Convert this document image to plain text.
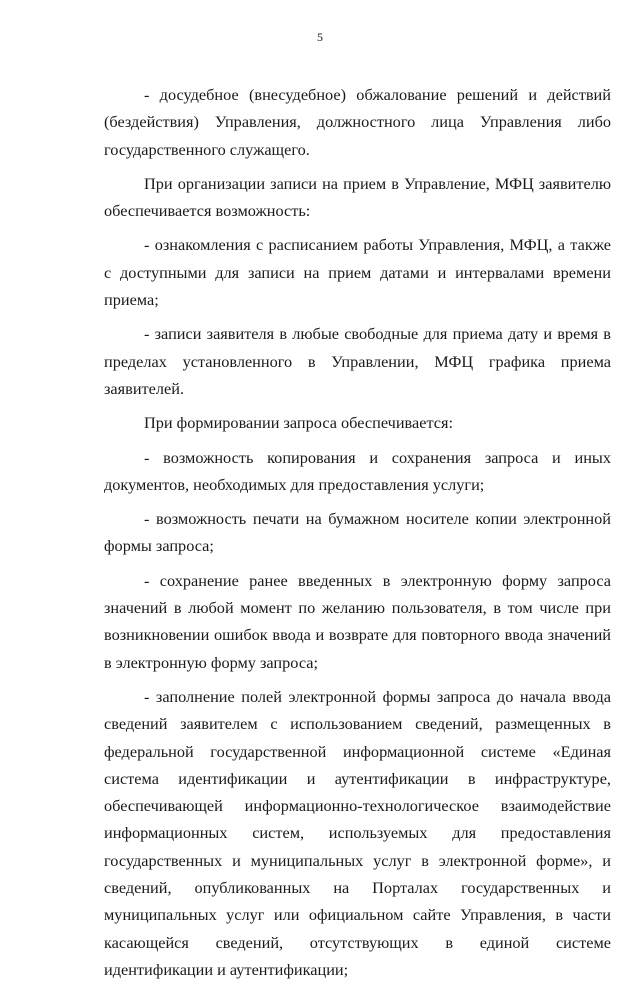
5

- досудебное (внесудебное) обжалование решений и действий (бездействия) Управления, должностного лица Управления либо государственного служащего.

При организации записи на прием в Управление, МФЦ заявителю обеспечивается возможность:

- ознакомления с расписанием работы Управления, МФЦ, а также с доступными для записи на прием датами и интервалами времени приема;

- записи заявителя в любые свободные для приема дату и время в пределах установленного в Управлении, МФЦ графика приема заявителей.

При формировании запроса обеспечивается:

- возможность копирования и сохранения запроса и иных документов, необходимых для предоставления услуги;

- возможность печати на бумажном носителе копии электронной формы запроса;

- сохранение ранее введенных в электронную форму запроса значений в любой момент по желанию пользователя, в том числе при возникновении ошибок ввода и возврате для повторного ввода значений в электронную форму запроса;

- заполнение полей электронной формы запроса до начала ввода сведений заявителем с использованием сведений, размещенных в федеральной государственной информационной системе «Единая система идентификации и аутентификации в инфраструктуре, обеспечивающей информационно-технологическое взаимодействие информационных систем, используемых для предоставления государственных и муниципальных услуг в электронной форме», и сведений, опубликованных на Порталах государственных и муниципальных услуг или официальном сайте Управления, в части касающейся сведений, отсутствующих в единой системе идентификации и аутентификации;
